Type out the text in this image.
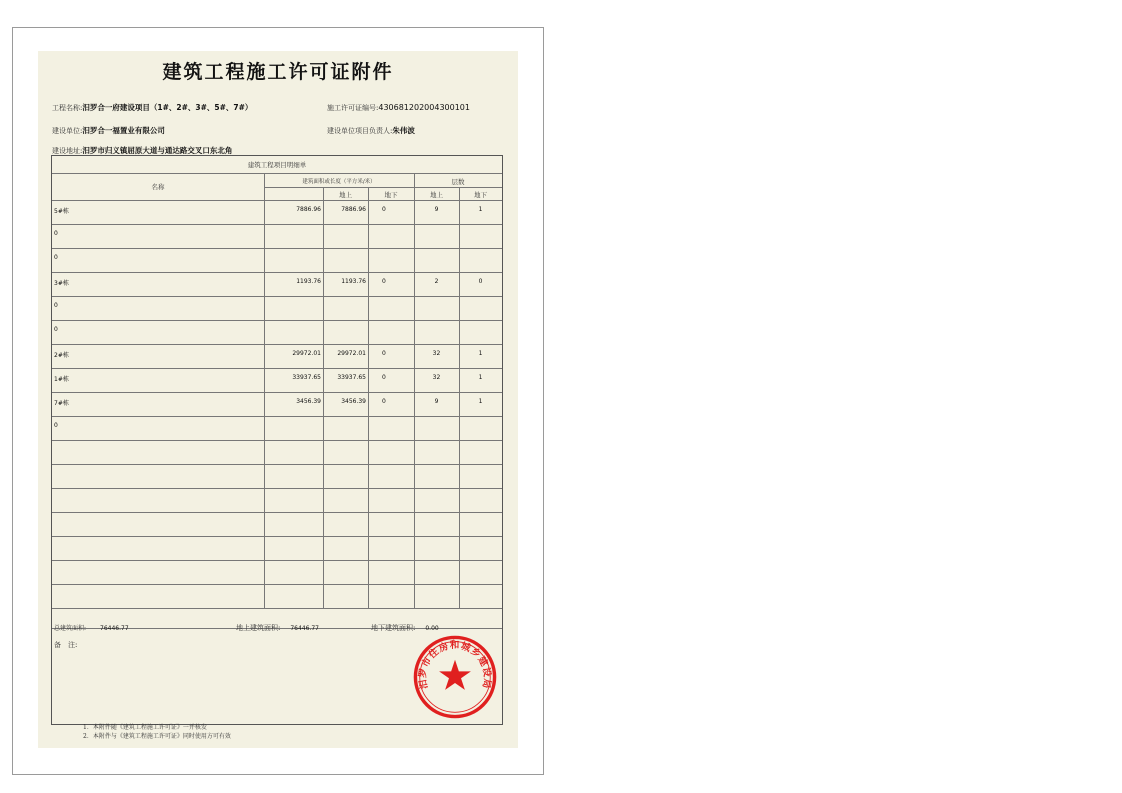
建筑工程施工许可证附件
工程名称:汨罗合一府建设项目（1#、2#、3#、5#、7#）	施工许可证编号:430681202004300101
建设单位:汨罗合一福置业有限公司	建设单位项目负责人:朱伟波
建设地址:汨罗市归义镇屈原大道与通达路交叉口东北角
建筑工程项目明细单
名称
建筑面积或长度（平方米/米）	层数
地上	地下	地上	地下
5#栋	7886.96	7886.96	0	9	1
0
0
3#栋	1193.76	1193.76	0	2	0
0
0
2#栋	29972.01	29972.01	0	32	1
1#栋	33937.65	33937.65	0	32	1
7#栋	3456.39	3456.39	0	9	1
0
总建筑面积: 76446.77	地上建筑面积: 76446.77	地下建筑面积: 0.00
备　注:
汨罗市住房和城乡建设局
1．本附件随《建筑工程施工许可证》一并核发
2．本附件与《建筑工程施工许可证》同时使用方可有效
